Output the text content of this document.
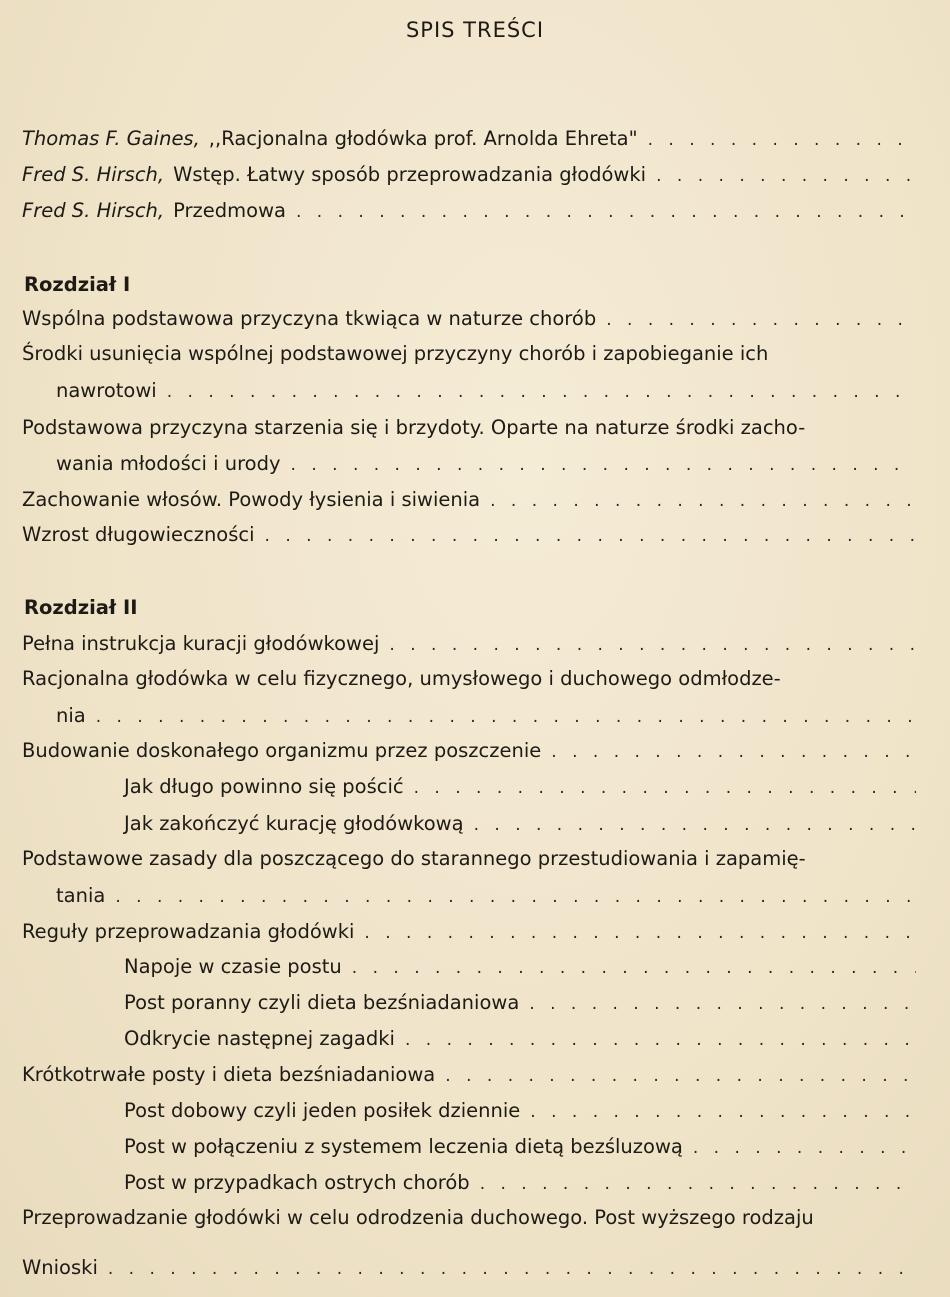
SPIS TREŚCI
Thomas F. Gaines, ,,Racjonalna głodówka prof. Arnolda Ehreta"
. . .
Fred S. Hirsch, Wstęp. Łatwy sposób przeprowadzania głodówki
. . .
Fred S. Hirsch, Przedmowa
. . .
Rozdział I
Wspólna podstawowa przyczyna tkwiąca w naturze chorób
. . .
Środki usunięcia wspólnej podstawowej przyczyny chorób i zapobieganie ich
nawrotowi
. . .
Podstawowa przyczyna starzenia się i brzydoty. Oparte na naturze środki zacho-
wania młodości i urody
. . .
Zachowanie włosów. Powody łysienia i siwienia
. . .
Wzrost długowieczności
. . .
Rozdział II
Pełna instrukcja kuracji głodówkowej
. . .
Racjonalna głodówka w celu fizycznego, umysłowego i duchowego odmłodze-
nia
. . .
Budowanie doskonałego organizmu przez poszczenie
. . .
Jak długo powinno się pościć
. . .
Jak zakończyć kurację głodówkową
. . .
Podstawowe zasady dla poszczącego do starannego przestudiowania i zapamię-
tania
. . .
Reguły przeprowadzania głodówki
. . .
Napoje w czasie postu
. . .
Post poranny czyli dieta bezśniadaniowa
. . .
Odkrycie następnej zagadki
. . .
Krótkotrwałe posty i dieta bezśniadaniowa
. . .
Post dobowy czyli jeden posiłek dziennie
. . .
Post w połączeniu z systemem leczenia dietą bezśluzową
. . .
Post w przypadkach ostrych chorób
. . .
Przeprowadzanie głodówki w celu odrodzenia duchowego. Post wyższego rodzaju
Wnioski
. . .
